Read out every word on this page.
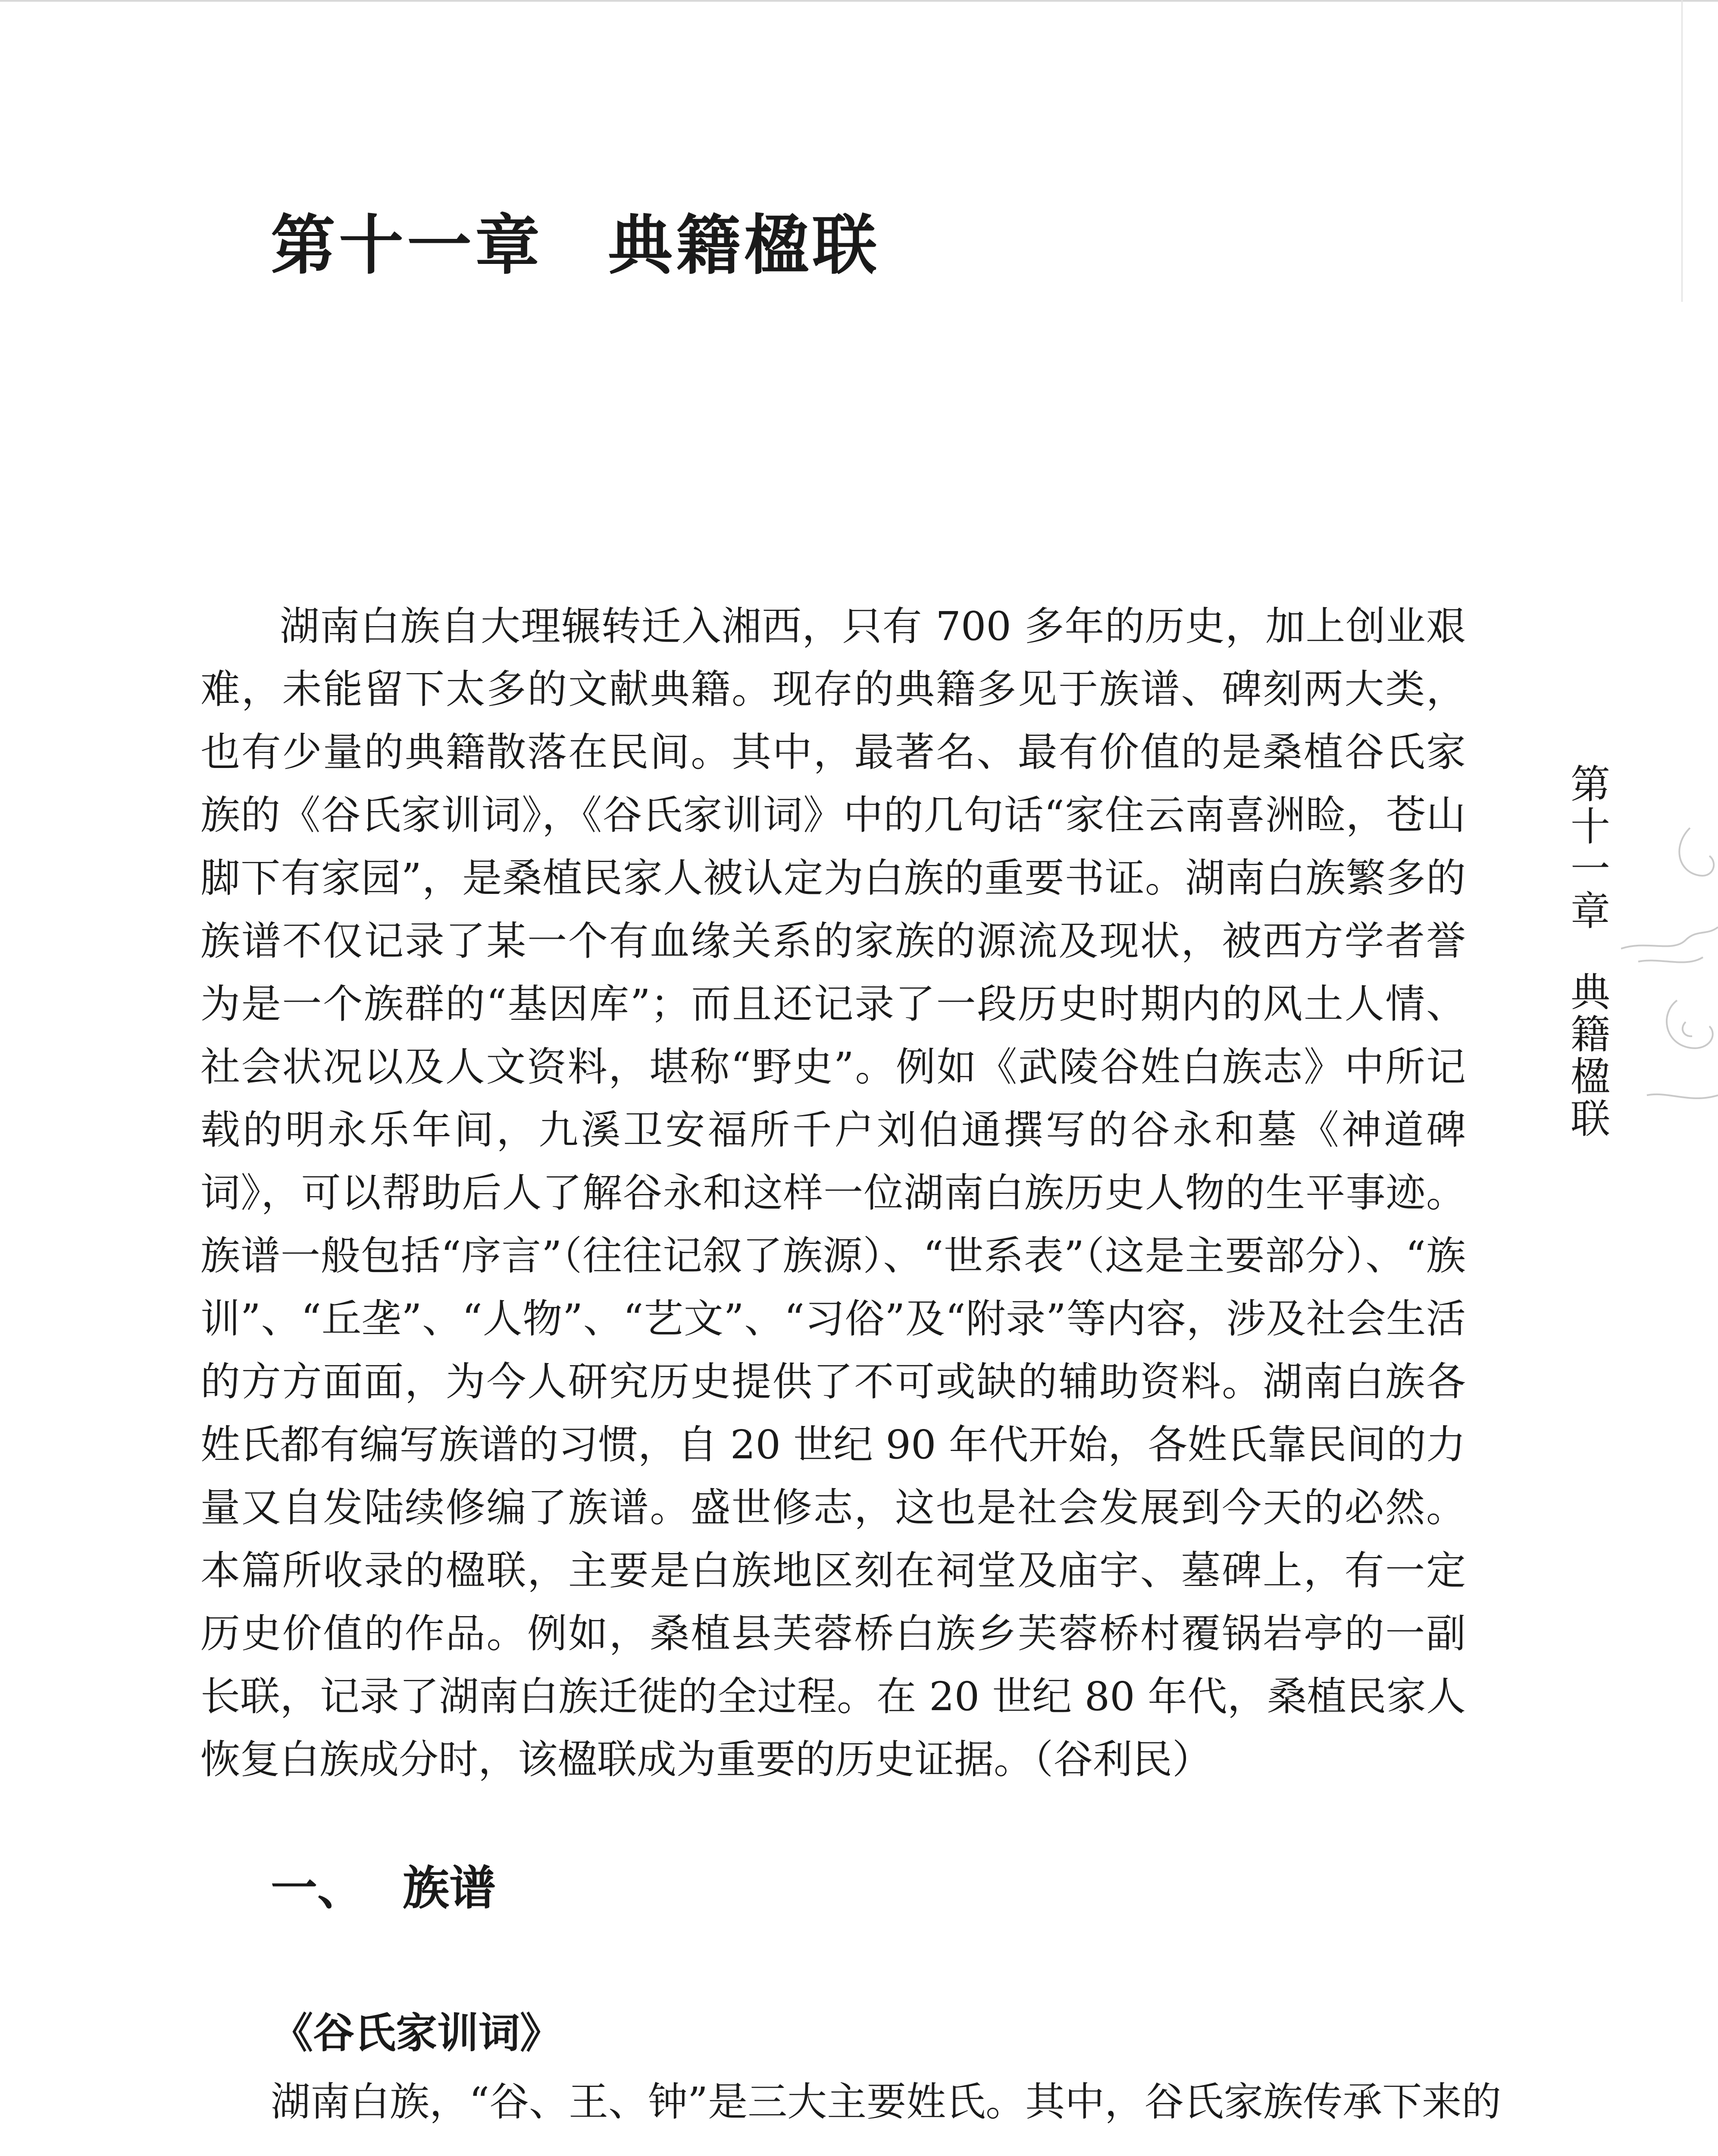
第十一章 典籍楹联

湖南白族自大理辗转迁入湘西，只有 700 多年的历史，加上创业艰难，未能留下太多的文献典籍。现存的典籍多见于族谱、碑刻两大类，也有少量的典籍散落在民间。其中，最著名、最有价值的是桑植谷氏家族的《谷氏家训词》，《谷氏家训词》中的几句话“家住云南喜洲睑，苍山脚下有家园”，是桑植民家人被认定为白族的重要书证。湖南白族繁多的族谱不仅记录了某一个有血缘关系的家族的源流及现状，被西方学者誉为是一个族群的“基因库”；而且还记录了一段历史时期内的风土人情、社会状况以及人文资料，堪称“野史”。例如《武陵谷姓白族志》中所记载的明永乐年间，九溪卫安福所千户刘伯通撰写的谷永和墓《神道碑词》，可以帮助后人了解谷永和这样一位湖南白族历史人物的生平事迹。族谱一般包括“序言”（往往记叙了族源）、“世系表”（这是主要部分）、“族训”、“丘垄”、“人物”、“艺文”、“习俗”及“附录”等内容，涉及社会生活的方方面面，为今人研究历史提供了不可或缺的辅助资料。湖南白族各姓氏都有编写族谱的习惯，自 20 世纪 90 年代开始，各姓氏靠民间的力量又自发陆续修编了族谱。盛世修志，这也是社会发展到今天的必然。本篇所收录的楹联，主要是白族地区刻在祠堂及庙宇、墓碑上，有一定历史价值的作品。例如，桑植县芙蓉桥白族乡芙蓉桥村覆锅岩亭的一副长联，记录了湖南白族迁徙的全过程。在 20 世纪 80 年代，桑植民家人恢复白族成分时，该楹联成为重要的历史证据。（谷利民）

一、 族谱
《谷氏家训词》

湖南白族，“谷、王、钟”是三大主要姓氏。其中，谷氏家族传承下来的

第十一章
典籍楹联
